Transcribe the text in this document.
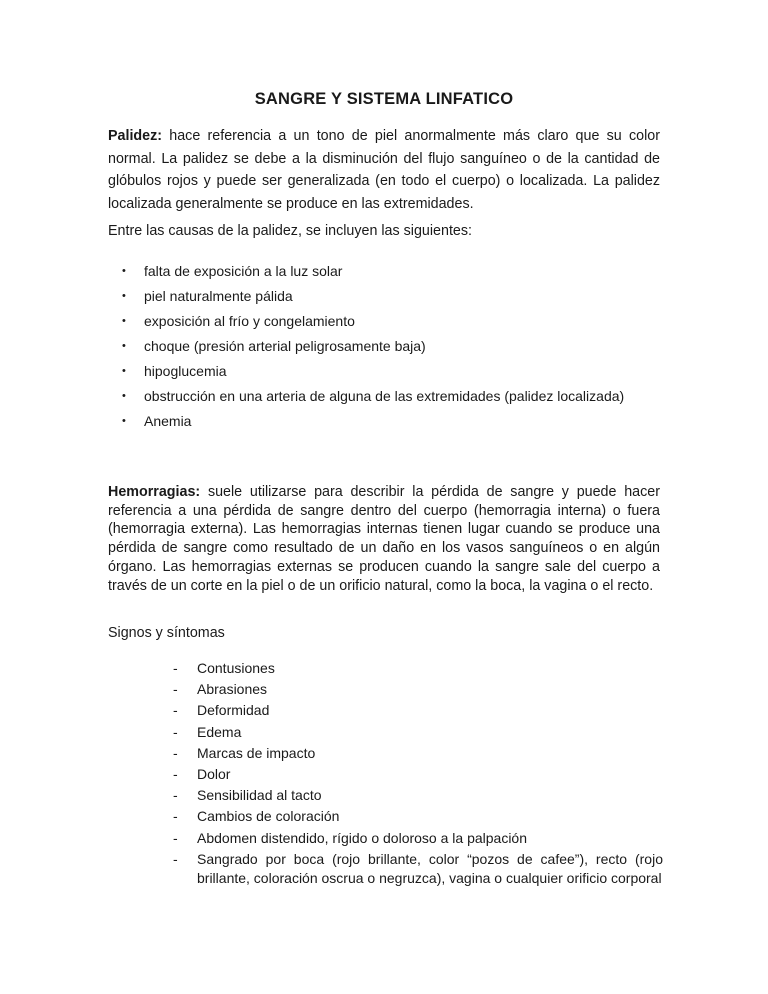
SANGRE Y SISTEMA LINFATICO
Palidez: hace referencia a un tono de piel anormalmente más claro que su color normal. La palidez se debe a la disminución del flujo sanguíneo o de la cantidad de glóbulos rojos y puede ser generalizada (en todo el cuerpo) o localizada. La palidez localizada generalmente se produce en las extremidades.
Entre las causas de la palidez, se incluyen las siguientes:
•	falta de exposición a la luz solar
•	piel naturalmente pálida
•	exposición al frío y congelamiento
•	choque (presión arterial peligrosamente baja)
•	hipoglucemia
•	obstrucción en una arteria de alguna de las extremidades (palidez localizada)
•	Anemia
Hemorragias: suele utilizarse para describir la pérdida de sangre y puede hacer referencia a una pérdida de sangre dentro del cuerpo (hemorragia interna) o fuera (hemorragia externa). Las hemorragias internas tienen lugar cuando se produce una pérdida de sangre como resultado de un daño en los vasos sanguíneos o en algún órgano. Las hemorragias externas se producen cuando la sangre sale del cuerpo a través de un corte en la piel o de un orificio natural, como la boca, la vagina o el recto.
Signos y síntomas
-	Contusiones
-	Abrasiones
-	Deformidad
-	Edema
-	Marcas de impacto
-	Dolor
-	Sensibilidad al tacto
-	Cambios de coloración
-	Abdomen distendido, rígido o doloroso a la palpación
-	Sangrado por boca (rojo brillante, color “pozos de cafee”), recto (rojo brillante, coloración oscrua o negruzca), vagina o cualquier orificio corporal
